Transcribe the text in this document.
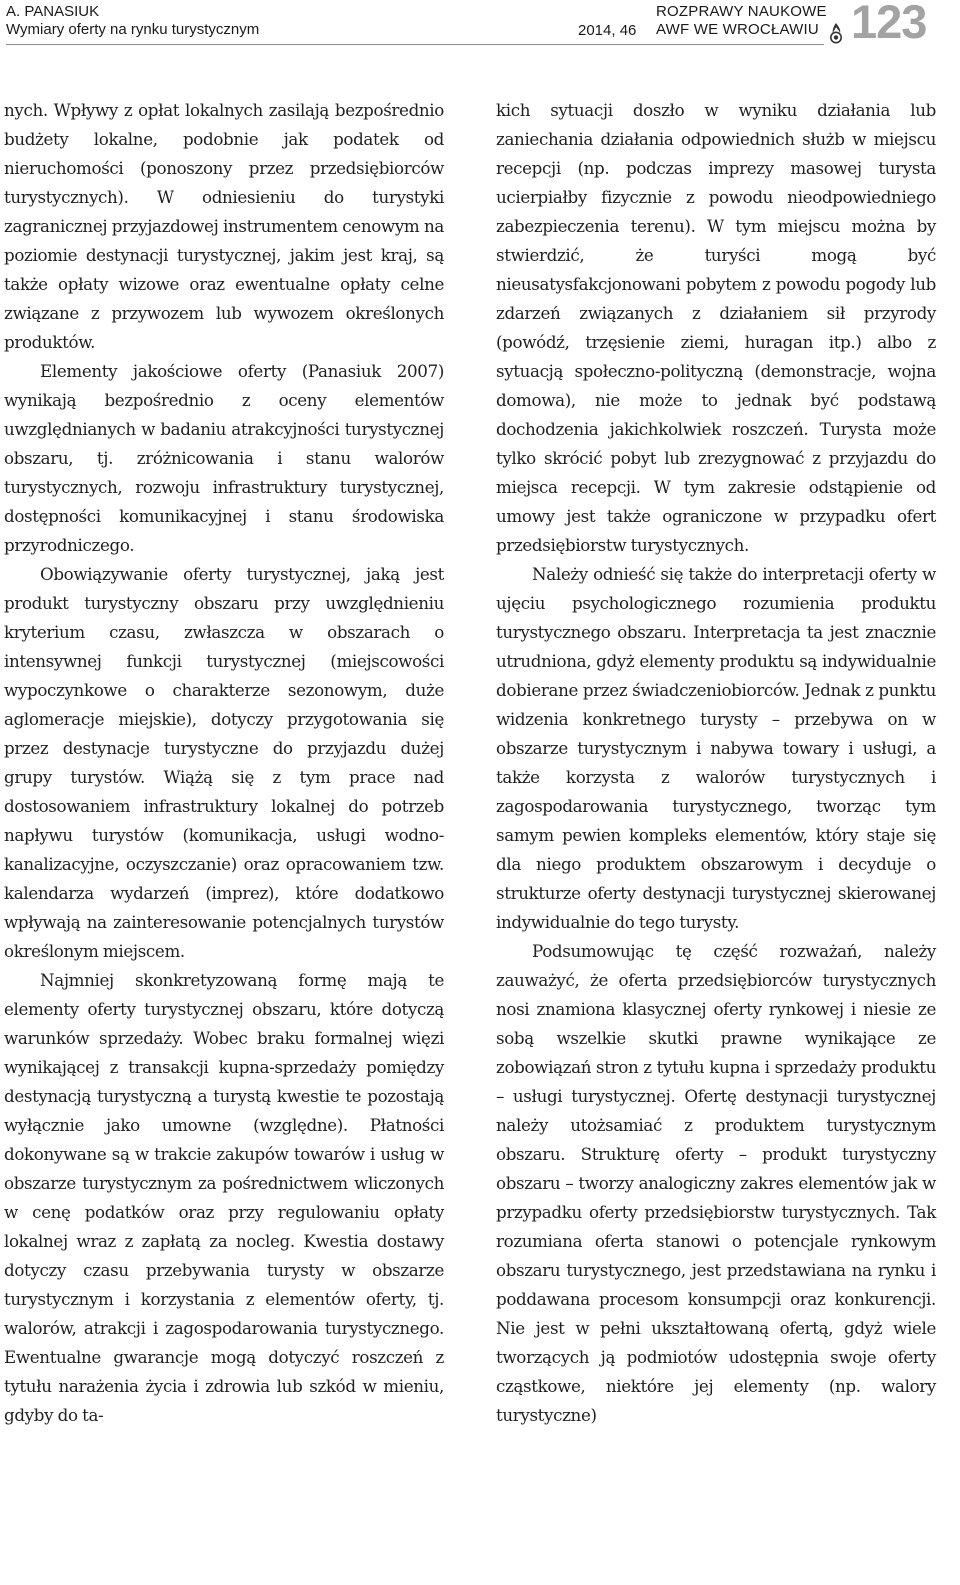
A. PANASIUK
Wymiary oferty na rynku turystycznym	2014, 46
ROZPRAWY NAUKOWE
AWF WE WROCŁAWIU 123

nych. Wpływy z opłat lokalnych zasilają bezpośrednio budżety lokalne, podobnie jak podatek od nieruchomości (ponoszony przez przedsiębiorców turystycznych). W odniesieniu do turystyki zagranicznej przyjazdowej instrumentem cenowym na poziomie destynacji turystycznej, jakim jest kraj, są także opłaty wizowe oraz ewentualne opłaty celne związane z przywozem lub wywozem określonych produktów.

Elementy jakościowe oferty (Panasiuk 2007) wynikają bezpośrednio z oceny elementów uwzględnianych w badaniu atrakcyjności turystycznej obszaru, tj. zróżnicowania i stanu walorów turystycznych, rozwoju infrastruktury turystycznej, dostępności komunikacyjnej i stanu środowiska przyrodniczego.

Obowiązywanie oferty turystycznej, jaką jest produkt turystyczny obszaru przy uwzględnieniu kryterium czasu, zwłaszcza w obszarach o intensywnej funkcji turystycznej (miejscowości wypoczynkowe o charakterze sezonowym, duże aglomeracje miejskie), dotyczy przygotowania się przez destynacje turystyczne do przyjazdu dużej grupy turystów. Wiążą się z tym prace nad dostosowaniem infrastruktury lokalnej do potrzeb napływu turystów (komunikacja, usługi wodno-kanalizacyjne, oczyszczanie) oraz opracowaniem tzw. kalendarza wydarzeń (imprez), które dodatkowo wpływają na zainteresowanie potencjalnych turystów określonym miejscem.

Najmniej skonkretyzowaną formę mają te elementy oferty turystycznej obszaru, które dotyczą warunków sprzedaży. Wobec braku formalnej więzi wynikającej z transakcji kupna-sprzedaży pomiędzy destynacją turystyczną a turystą kwestie te pozostają wyłącznie jako umowne (względne). Płatności dokonywane są w trakcie zakupów towarów i usług w obszarze turystycznym za pośrednictwem wliczonych w cenę podatków oraz przy regulowaniu opłaty lokalnej wraz z zapłatą za nocleg. Kwestia dostawy dotyczy czasu przebywania turysty w obszarze turystycznym i korzystania z elementów oferty, tj. walorów, atrakcji i zagospodarowania turystycznego. Ewentualne gwarancje mogą dotyczyć roszczeń z tytułu narażenia życia i zdrowia lub szkód w mieniu, gdyby do ta-

kich sytuacji doszło w wyniku działania lub zaniechania działania odpowiednich służb w miejscu recepcji (np. podczas imprezy masowej turysta ucierpiałby fizycznie z powodu nieodpowiedniego zabezpieczenia terenu). W tym miejscu można by stwierdzić, że turyści mogą być nieusatysfakcjonowani pobytem z powodu pogody lub zdarzeń związanych z działaniem sił przyrody (powódź, trzęsienie ziemi, huragan itp.) albo z sytuacją społeczno-polityczną (demonstracje, wojna domowa), nie może to jednak być podstawą dochodzenia jakichkolwiek roszczeń. Turysta może tylko skrócić pobyt lub zrezygnować z przyjazdu do miejsca recepcji. W tym zakresie odstąpienie od umowy jest także ograniczone w przypadku ofert przedsiębiorstw turystycznych.

Należy odnieść się także do interpretacji oferty w ujęciu psychologicznego rozumienia produktu turystycznego obszaru. Interpretacja ta jest znacznie utrudniona, gdyż elementy produktu są indywidualnie dobierane przez świadczeniobiorców. Jednak z punktu widzenia konkretnego turysty – przebywa on w obszarze turystycznym i nabywa towary i usługi, a także korzysta z walorów turystycznych i zagospodarowania turystycznego, tworząc tym samym pewien kompleks elementów, który staje się dla niego produktem obszarowym i decyduje o strukturze oferty destynacji turystycznej skierowanej indywidualnie do tego turysty.

Podsumowując tę część rozważań, należy zauważyć, że oferta przedsiębiorców turystycznych nosi znamiona klasycznej oferty rynkowej i niesie ze sobą wszelkie skutki prawne wynikające ze zobowiązań stron z tytułu kupna i sprzedaży produktu – usługi turystycznej. Ofertę destynacji turystycznej należy utożsamiać z produktem turystycznym obszaru. Strukturę oferty – produkt turystyczny obszaru – tworzy analogiczny zakres elementów jak w przypadku oferty przedsiębiorstw turystycznych. Tak rozumiana oferta stanowi o potencjale rynkowym obszaru turystycznego, jest przedstawiana na rynku i poddawana procesom konsumpcji oraz konkurencji. Nie jest w pełni ukształtowaną ofertą, gdyż wiele tworzących ją podmiotów udostępnia swoje oferty cząstkowe, niektóre jej elementy (np. walory turystyczne)
